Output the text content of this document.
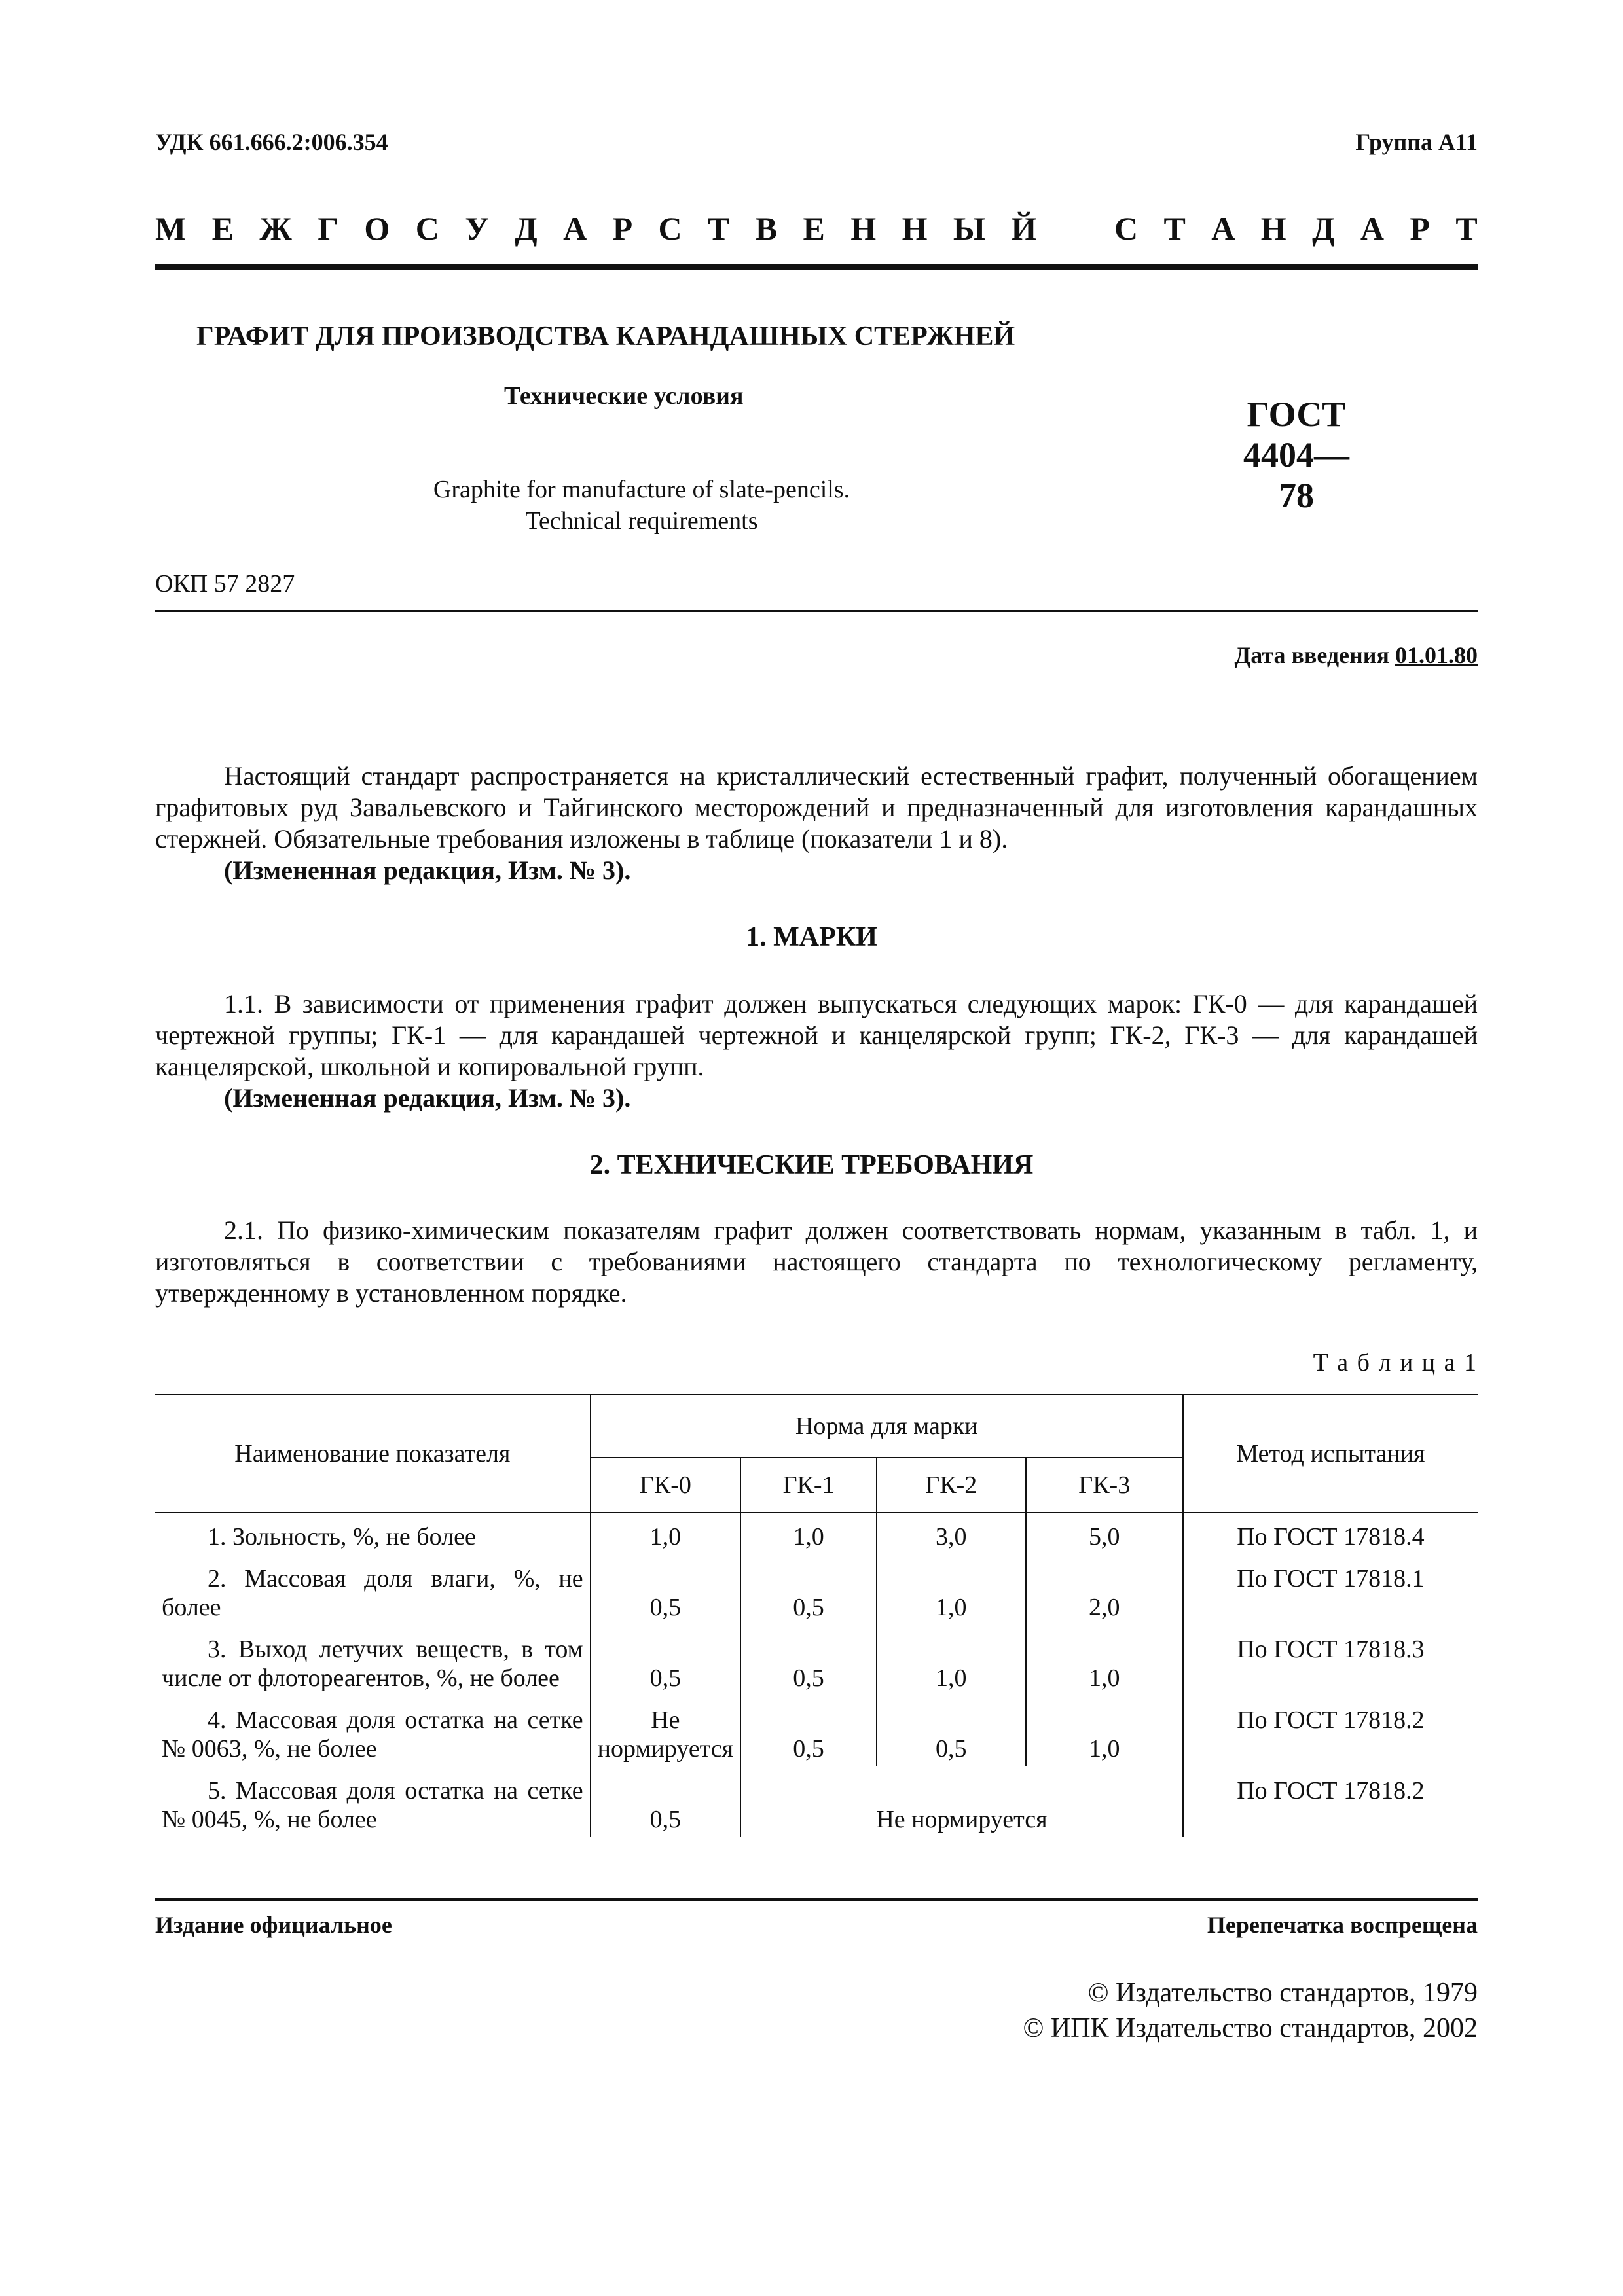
УДК 661.666.2:006.354	Группа А11
М Е Ж Г О С У Д А Р С Т В Е Н Н Ы Й С Т А Н Д А Р Т
ГРАФИТ ДЛЯ ПРОИЗВОДСТВА КАРАНДАШНЫХ СТЕРЖНЕЙ
Технические условия	ГОСТ
4404—78
Graphite for manufacture of slate-pencils.
Technical requirements
ОКП 57 2827
Дата введения 01.01.80

Настоящий стандарт распространяется на кристаллический естественный графит, полученный обогащением графитовых руд Завальевского и Тайгинского месторождений и предназначенный для изготовления карандашных стержней. Обязательные требования изложены в таблице (показатели 1 и 8).

(Измененная редакция, Изм. № 3).
1. МАРКИ

1.1. В зависимости от применения графит должен выпускаться следующих марок: ГК-0 — для карандашей чертежной группы; ГК-1 — для карандашей чертежной и канцелярской групп; ГК-2, ГК-3 — для карандашей канцелярской, школьной и копировальной групп.

(Измененная редакция, Изм. № 3).
2. ТЕХНИЧЕСКИЕ ТРЕБОВАНИЯ

2.1. По физико-химическим показателям графит должен соответствовать нормам, указанным в табл. 1, и изготовляться в соответствии с требованиями настоящего стандарта по технологическому регламенту, утвержденному в установленном порядке.

Т а б л и ц а 1
Наименование показателя	Норма для марки				Метод испытания
	ГК-0	ГК-1	ГК-2	ГК-3	
1. Зольность, %, не более	1,0	1,0	3,0	5,0	По ГОСТ 17818.4
2. Массовая доля влаги, %, не более	0,5	0,5	1,0	2,0	По ГОСТ 17818.1
3. Выход летучих веществ, в том числе от флотореагентов, %, не более	0,5	0,5	1,0	1,0	По ГОСТ 17818.3
4. Массовая доля остатка на сетке № 0063, %, не более	Не нормируется	0,5	0,5	1,0	По ГОСТ 17818.2
5. Массовая доля остатка на сетке № 0045, %, не более	0,5	Не нормируется			По ГОСТ 17818.2
Издание официальное	Перепечатка воспрещена
© Издательство стандартов, 1979
© ИПК Издательство стандартов, 2002
